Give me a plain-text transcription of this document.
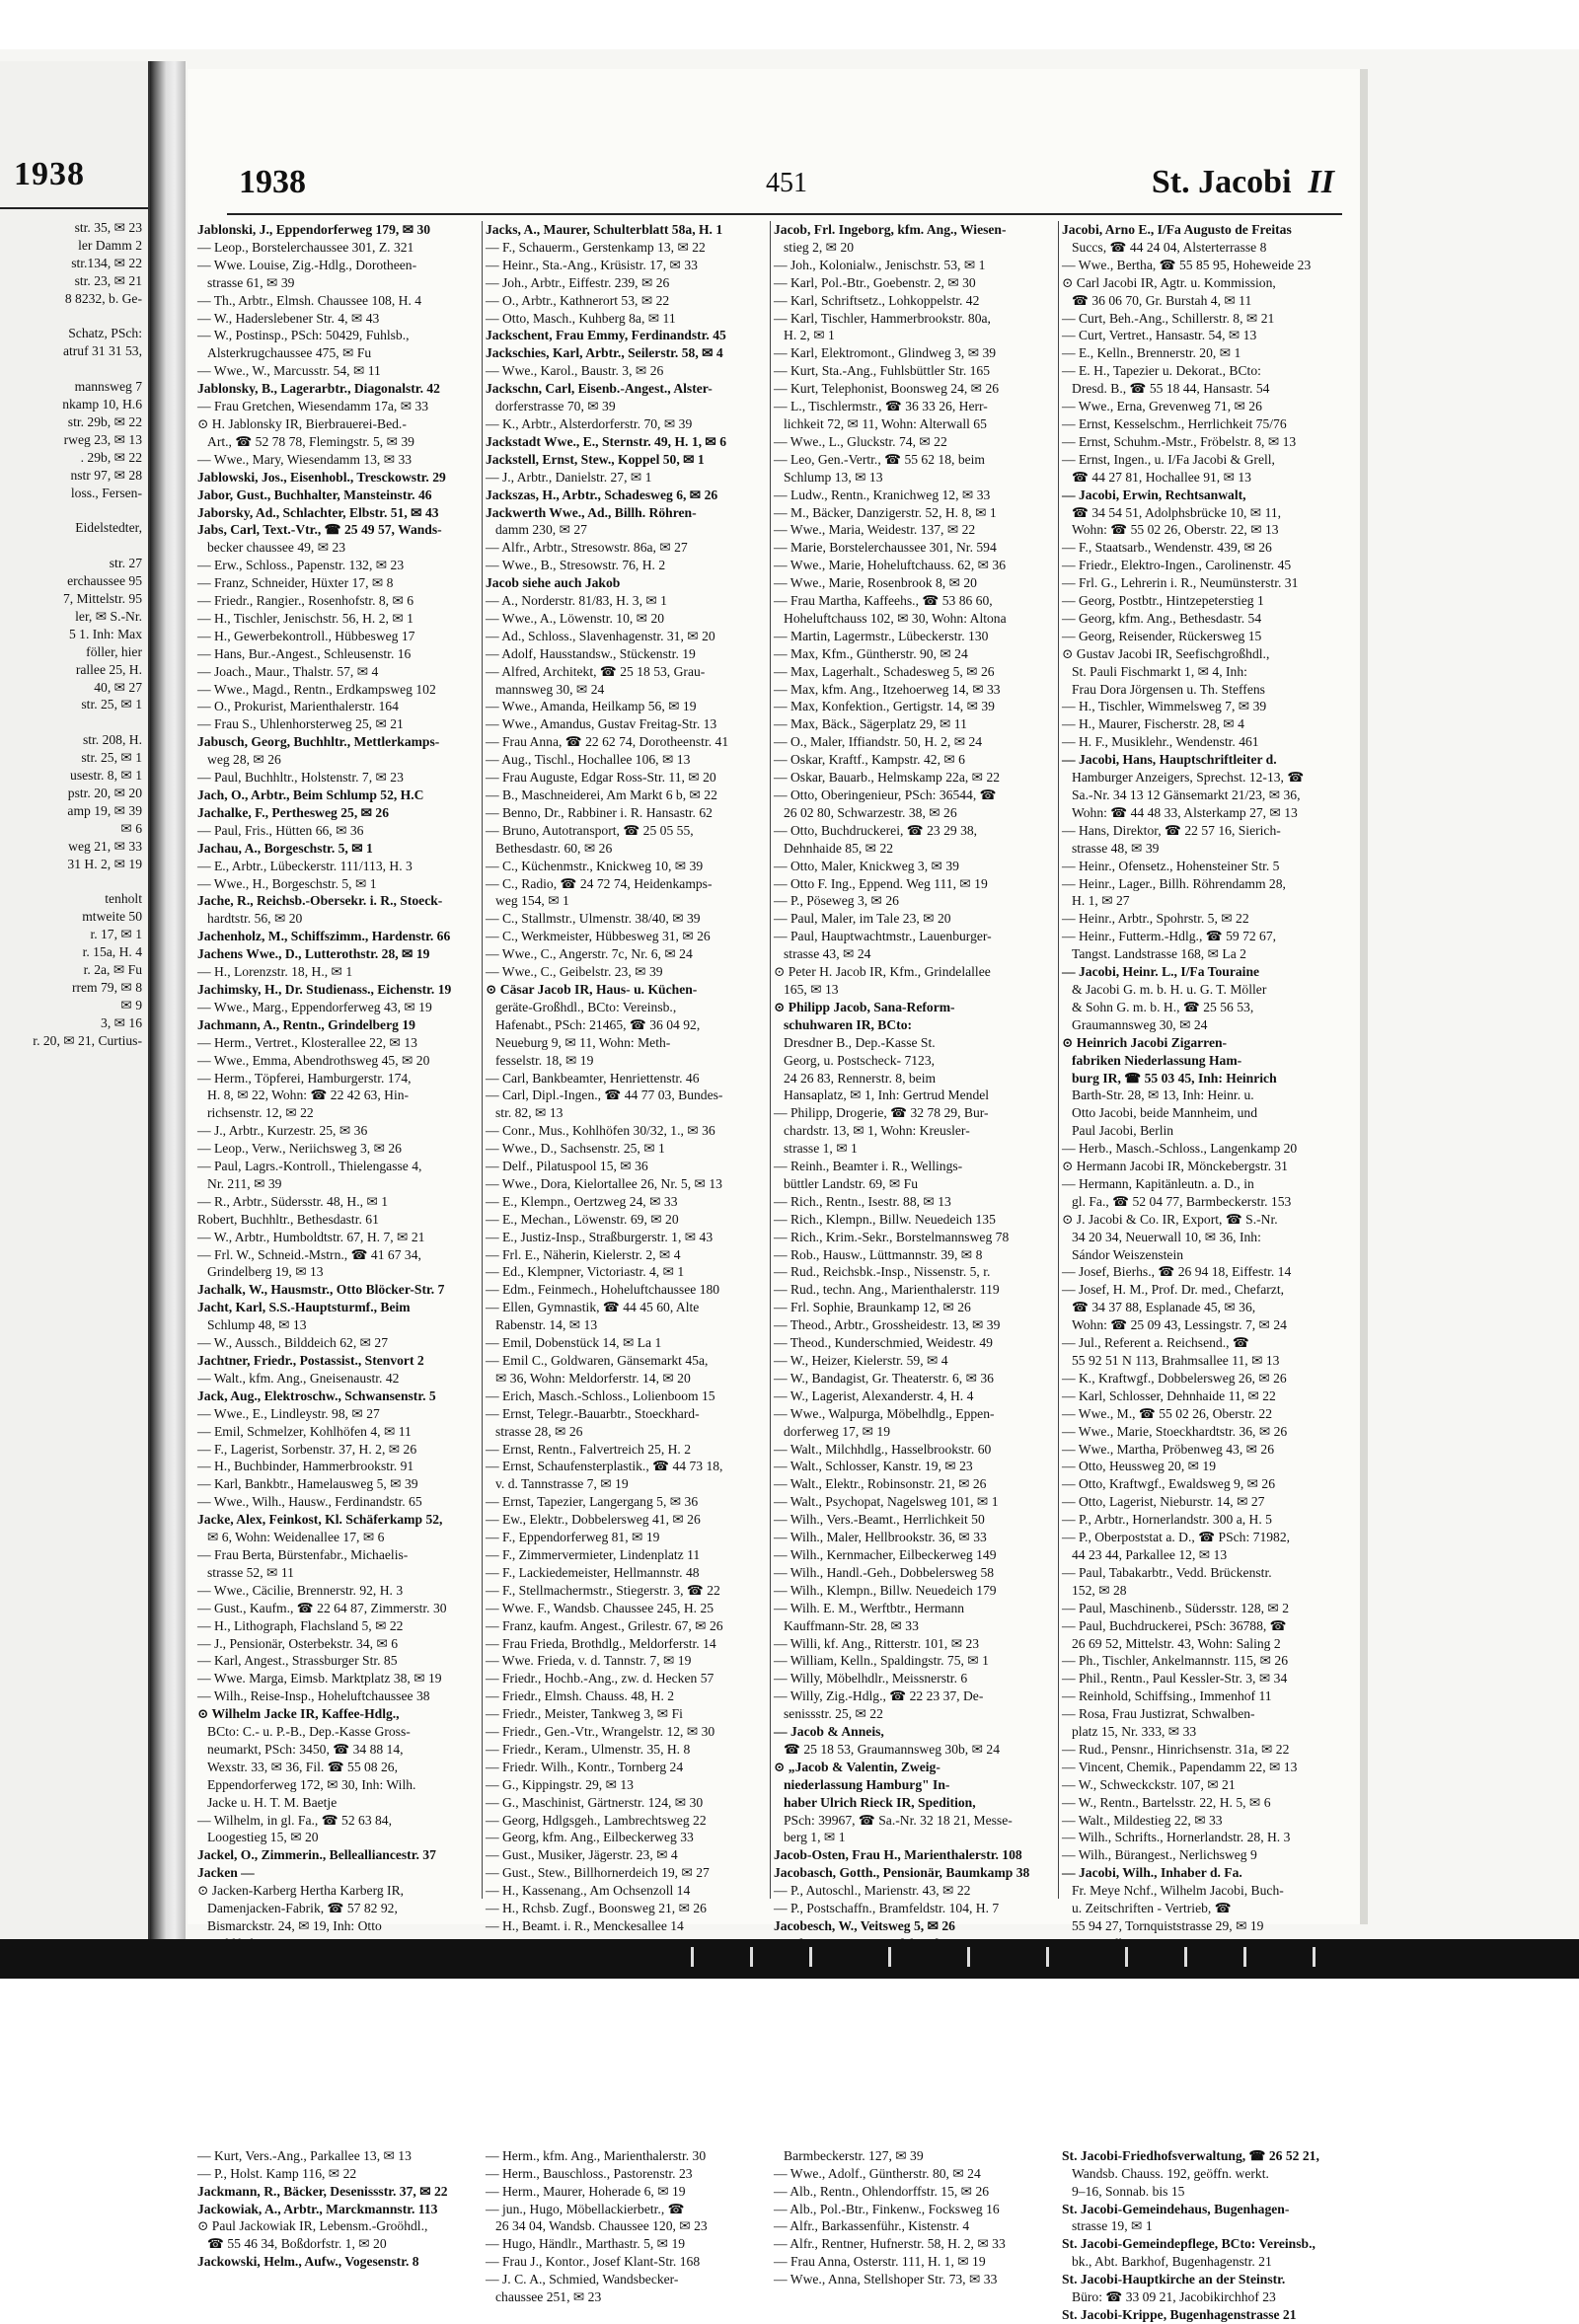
1938
str. 35, ✉ 23
ler Damm 2
str.134, ✉ 22
str. 23, ✉ 21
8 8232, b. Ge-

Schatz, PSch:
atruf 31 31 53,

mannsweg 7
nkamp 10, H.6
str. 29b, ✉ 22
rweg 23, ✉ 13
. 29b, ✉ 22
nstr 97, ✉ 28
loss., Fersen-

Eidelstedter,

str. 27
erchaussee 95
7, Mittelstr. 95
ler, ✉ S.-Nr.
5 1. Inh: Max
föller, hier
rallee 25, H.
40, ✉ 27
str. 25, ✉ 1

str. 208, H.
str. 25, ✉ 1
usestr. 8, ✉ 1
pstr. 20, ✉ 20
amp 19, ✉ 39
✉ 6
weg 21, ✉ 33
31 H. 2, ✉ 19

tenholt
mtweite 50
r. 17, ✉ 1
r. 15a, H. 4
r. 2a, ✉ Fu
rrem 79, ✉ 8
✉ 9
3, ✉ 16
r. 20, ✉ 21, Curtius-
1938	451	St. Jacobi II
Jablonski, J., Eppendorferweg 179, ✉ 30
— Leop., Borstelerchaussee 301, Z. 321
— Wwe. Louise, Zig.-Hdlg., Dorotheen-
strasse 61, ✉ 39
— Th., Arbtr., Elmsh. Chaussee 108, H. 4
— W., Haderslebener Str. 4, ✉ 43
— W., Postinsp., PSch: 50429, Fuhlsb.,
Alsterkrugchaussee 475, ✉ Fu
— Wwe., W., Marcusstr. 54, ✉ 11
Jablonsky, B., Lagerarbtr., Diagonalstr. 42
— Frau Gretchen, Wiesendamm 17a, ✉ 33
⊙ H. Jablonsky IR, Bierbrauerei-Bed.-
Art., ☎ 52 78 78, Flemingstr. 5, ✉ 39
— Wwe., Mary, Wiesendamm 13, ✉ 33
Jablowski, Jos., Eisenhobl., Tresckowstr. 29
Jabor, Gust., Buchhalter, Mansteinstr. 46
Jaborsky, Ad., Schlachter, Elbstr. 51, ✉ 43
Jabs, Carl, Text.-Vtr., ☎ 25 49 57, Wands-
becker chaussee 49, ✉ 23
— Erw., Schloss., Papenstr. 132, ✉ 23
— Franz, Schneider, Hüxter 17, ✉ 8
— Friedr., Rangier., Rosenhofstr. 8, ✉ 6
— H., Tischler, Jenischstr. 56, H. 2, ✉ 1
— H., Gewerbekontroll., Hübbesweg 17
— Hans, Bur.-Angest., Schleusenstr. 16
— Joach., Maur., Thalstr. 57, ✉ 4
— Wwe., Magd., Rentn., Erdkampsweg 102
— O., Prokurist, Marienthalerstr. 164
— Frau S., Uhlenhorsterweg 25, ✉ 21
Jabusch, Georg, Buchhltr., Mettlerkamps-
weg 28, ✉ 26
— Paul, Buchhltr., Holstenstr. 7, ✉ 23
Jach, O., Arbtr., Beim Schlump 52, H.C
Jachalke, F., Perthesweg 25, ✉ 26
— Paul, Fris., Hütten 66, ✉ 36
Jachau, A., Borgeschstr. 5, ✉ 1
— E., Arbtr., Lübeckerstr. 111/113, H. 3
— Wwe., H., Borgeschstr. 5, ✉ 1
Jache, R., Reichsb.-Obersekr. i. R., Stoeck-
hardtstr. 56, ✉ 20
Jachenholz, M., Schiffszimm., Hardenstr. 66
Jachens Wwe., D., Lutterothstr. 28, ✉ 19
— H., Lorenzstr. 18, H., ✉ 1
Jachimsky, H., Dr. Studienass., Eichenstr. 19
— Wwe., Marg., Eppendorferweg 43, ✉ 19
Jachmann, A., Rentn., Grindelberg 19
— Herm., Vertret., Klosterallee 22, ✉ 13
— Wwe., Emma, Abendrothsweg 45, ✉ 20
— Herm., Töpferei, Hamburgerstr. 174,
H. 8, ✉ 22, Wohn: ☎ 22 42 63, Hin-
richsenstr. 12, ✉ 22
— J., Arbtr., Kurzestr. 25, ✉ 36
— Leop., Verw., Neriichsweg 3, ✉ 26
— Paul, Lagrs.-Kontroll., Thielengasse 4,
Nr. 211, ✉ 39
— R., Arbtr., Südersstr. 48, H., ✉ 1
Robert, Buchhltr., Bethesdastr. 61
— W., Arbtr., Humboldtstr. 67, H. 7, ✉ 21
— Frl. W., Schneid.-Mstrn., ☎ 41 67 34,
Grindelberg 19, ✉ 13
Jachalk, W., Hausmstr., Otto Blöcker-Str. 7
Jacht, Karl, S.S.-Hauptsturmf., Beim
Schlump 48, ✉ 13
— W., Aussch., Bilddeich 62, ✉ 27
Jachtner, Friedr., Postassist., Stenvort 2
— Walt., kfm. Ang., Gneisenaustr. 42
Jack, Aug., Elektroschw., Schwansenstr. 5
— Wwe., E., Lindleystr. 98, ✉ 27
— Emil, Schmelzer, Kohlhöfen 4, ✉ 11
— F., Lagerist, Sorbenstr. 37, H. 2, ✉ 26
— H., Buchbinder, Hammerbrookstr. 91
— Karl, Bankbtr., Hamelausweg 5, ✉ 39
— Wwe., Wilh., Hausw., Ferdinandstr. 65
Jacke, Alex, Feinkost, Kl. Schäferkamp 52,
✉ 6, Wohn: Weidenallee 17, ✉ 6
— Frau Berta, Bürstenfabr., Michaelis-
strasse 52, ✉ 11
— Wwe., Cäcilie, Brennerstr. 92, H. 3
— Gust., Kaufm., ☎ 22 64 87, Zimmerstr. 30
— H., Lithograph, Flachsland 5, ✉ 22
— J., Pensionär, Osterbekstr. 34, ✉ 6
— Karl, Angest., Strassburger Str. 85
— Wwe. Marga, Eimsb. Marktplatz 38, ✉ 19
— Wilh., Reise-Insp., Hoheluftchaussee 38
⊙ Wilhelm Jacke IR, Kaffee-Hdlg.,
BCto: C.- u. P.-B., Dep.-Kasse Gross-
neumarkt, PSch: 3450, ☎ 34 88 14,
Wexstr. 33, ✉ 36, Fil. ☎ 55 08 26,
Eppendorferweg 172, ✉ 30, Inh: Wilh.
Jacke u. H. T. M. Baetje
— Wilhelm, in gl. Fa., ☎ 52 63 84,
Loogestieg 15, ✉ 20
Jackel, O., Zimmerin., Bellealliancestr. 37
Jacken —
⊙ Jacken-Karberg Hertha Karberg IR,
Damenjacken-Fabrik, ☎ 57 82 92,
Bismarckstr. 24, ✉ 19, Inh: Otto
— Kurt, Vers.-Ang., Parkallee 13, ✉ 13
— P., Holst. Kamp 116, ✉ 22
Jackmann, R., Bäcker, Desenissstr. 37, ✉ 22
Jackowiak, A., Arbtr., Marckmannstr. 113
⊙ Paul Jackowiak IR, Lebensm.-Groöhdl.,
☎ 55 46 34, Boßdorfstr. 1, ✉ 20
Jackowski, Helm., Aufw., Vogesenstr. 8
Jacks, A., Maurer, Schulterblatt 58a, H. 1
— F., Schauerm., Gerstenkamp 13, ✉ 22
— Heinr., Sta.-Ang., Krüsistr. 17, ✉ 33
— Joh., Arbtr., Eiffestr. 239, ✉ 26
— O., Arbtr., Kathnerort 53, ✉ 22
— Otto, Masch., Kuhberg 8a, ✉ 11
Jackschent, Frau Emmy, Ferdinandstr. 45
Jackschies, Karl, Arbtr., Seilerstr. 58, ✉ 4
— Wwe., Karol., Baustr. 3, ✉ 26
Jackschn, Carl, Eisenb.-Angest., Alster-
dorferstrasse 70, ✉ 39
— K., Arbtr., Alsterdorferstr. 70, ✉ 39
Jackstadt Wwe., E., Sternstr. 49, H. 1, ✉ 6
Jackstell, Ernst, Stew., Koppel 50, ✉ 1
— J., Arbtr., Danielstr. 27, ✉ 1
Jackszas, H., Arbtr., Schadesweg 6, ✉ 26
Jackwerth Wwe., Ad., Billh. Röhren-
damm 230, ✉ 27
— Alfr., Arbtr., Stresowstr. 86a, ✉ 27
— Wwe., B., Stresowstr. 76, H. 2
Jacob siehe auch Jakob
— A., Norderstr. 81/83, H. 3, ✉ 1
— Wwe., A., Löwenstr. 10, ✉ 20
— Ad., Schloss., Slavenhagenstr. 31, ✉ 20
— Adolf, Hausstandsw., Stückenstr. 19
— Alfred, Architekt, ☎ 25 18 53, Grau-
mannsweg 30, ✉ 24
— Wwe., Amanda, Heilkamp 56, ✉ 19
— Wwe., Amandus, Gustav Freitag-Str. 13
— Frau Anna, ☎ 22 62 74, Dorotheenstr. 41
— Aug., Tischl., Hochallee 106, ✉ 13
— Frau Auguste, Edgar Ross-Str. 11, ✉ 20
— B., Maschneiderei, Am Markt 6 b, ✉ 22
— Benno, Dr., Rabbiner i. R. Hansastr. 62
— Bruno, Autotransport, ☎ 25 05 55,
Bethesdastr. 60, ✉ 26
— C., Küchenmstr., Knickweg 10, ✉ 39
— C., Radio, ☎ 24 72 74, Heidenkamps-
weg 154, ✉ 1
— C., Stallmstr., Ulmenstr. 38/40, ✉ 39
— C., Werkmeister, Hübbesweg 31, ✉ 26
— Wwe., C., Angerstr. 7c, Nr. 6, ✉ 24
— Wwe., C., Geibelstr. 23, ✉ 39
⊙ Cäsar Jacob IR, Haus- u. Küchen-
geräte-Großhdl., BCto: Vereinsb.,
Hafenabt., PSch: 21465, ☎ 36 04 92,
Neueburg 9, ✉ 11, Wohn: Meth-
fesselstr. 18, ✉ 19
— Carl, Bankbeamter, Henriettenstr. 46
— Carl, Dipl.-Ingen., ☎ 44 77 03, Bundes-
str. 82, ✉ 13
— Conr., Mus., Kohlhöfen 30/32, 1., ✉ 36
— Wwe., D., Sachsenstr. 25, ✉ 1
— Delf., Pilatuspool 15, ✉ 36
— Wwe., Dora, Kielortallee 26, Nr. 5, ✉ 13
— E., Klempn., Oertzweg 24, ✉ 33
— E., Mechan., Löwenstr. 69, ✉ 20
— E., Justiz-Insp., Straßburgerstr. 1, ✉ 43
— Frl. E., Näherin, Kielerstr. 2, ✉ 4
— Ed., Klempner, Victoriastr. 4, ✉ 1
— Edm., Feinmech., Hoheluftchaussee 180
— Ellen, Gymnastik, ☎ 44 45 60, Alte
Rabenstr. 14, ✉ 13
— Emil, Dobenstück 14, ✉ La 1
— Emil C., Goldwaren, Gänsemarkt 45a,
✉ 36, Wohn: Meldorferstr. 14, ✉ 20
— Erich, Masch.-Schloss., Lolienboom 15
— Ernst, Telegr.-Bauarbtr., Stoeckhard-
strasse 28, ✉ 26
— Ernst, Rentn., Falvertreich 25, H. 2
— Ernst, Schaufensterplastik., ☎ 44 73 18,
v. d. Tannstrasse 7, ✉ 19
— Ernst, Tapezier, Langergang 5, ✉ 36
— Ew., Elektr., Dobbelersweg 41, ✉ 26
— F., Eppendorferweg 81, ✉ 19
— F., Zimmervermieter, Lindenplatz 11
— F., Lackiedemeister, Hellmannstr. 48
— F., Stellmachermstr., Stiegerstr. 3, ☎ 22
— Wwe. F., Wandsb. Chaussee 245, H. 25
— Franz, kaufm. Angest., Grilestr. 67, ✉ 26
— Frau Frieda, Brothdlg., Meldorferstr. 14
— Wwe. Frieda, v. d. Tannstr. 7, ✉ 19
— Friedr., Hochb.-Ang., zw. d. Hecken 57
— Friedr., Elmsh. Chauss. 48, H. 2
— Friedr., Meister, Tankweg 3, ✉ Fi
— Friedr., Gen.-Vtr., Wrangelstr. 12, ✉ 30
— Friedr., Keram., Ulmenstr. 35, H. 8
— Friedr. Wilh., Kontr., Tornberg 24
— G., Kippingstr. 29, ✉ 13
— G., Maschinist, Gärtnerstr. 124, ✉ 30
— Georg, Hdlgsgeh., Lambrechtsweg 22
— Georg, kfm. Ang., Eilbeckerweg 33
— Gust., Musiker, Jägerstr. 23, ✉ 4
— Gust., Stew., Billhornerdeich 19, ✉ 27
— H., Kassenang., Am Ochsenzoll 14
— H., Rchsb. Zugf., Boonsweg 21, ✉ 26
— H., Beamt. i. R., Menckesallee 14
— Herm., kfm. Ang., Marienthalerstr. 30
— Herm., Bauschloss., Pastorenstr. 23
— Herm., Maurer, Hoherade 6, ✉ 19
— jun., Hugo, Möbellackierbetr., ☎
26 34 04, Wandsb. Chaussee 120, ✉ 23
— Hugo, Händlr., Marthastr. 5, ✉ 19
— Frau J., Kontor., Josef Klant-Str. 168
— J. C. A., Schmied, Wandsbecker-
chaussee 251, ✉ 23
Jacob, Frl. Ingeborg, kfm. Ang., Wiesen-
stieg 2, ✉ 20
— Joh., Kolonialw., Jenischstr. 53, ✉ 1
— Karl, Pol.-Btr., Goebenstr. 2, ✉ 30
— Karl, Schriftsetz., Lohkoppelstr. 42
— Karl, Tischler, Hammerbrookstr. 80a,
H. 2, ✉ 1
— Karl, Elektromont., Glindweg 3, ✉ 39
— Kurt, Sta.-Ang., Fuhlsbüttler Str. 165
— Kurt, Telephonist, Boonsweg 24, ✉ 26
— L., Tischlermstr., ☎ 36 33 26, Herr-
lichkeit 72, ✉ 11, Wohn: Alterwall 65
— Wwe., L., Gluckstr. 74, ✉ 22
— Leo, Gen.-Vertr., ☎ 55 62 18, beim
Schlump 13, ✉ 13
— Ludw., Rentn., Kranichweg 12, ✉ 33
— M., Bäcker, Danzigerstr. 52, H. 8, ✉ 1
— Wwe., Maria, Weidestr. 137, ✉ 22
— Marie, Borstelerchaussee 301, Nr. 594
— Wwe., Marie, Hoheluftchauss. 62, ✉ 36
— Wwe., Marie, Rosenbrook 8, ✉ 20
— Frau Martha, Kaffeehs., ☎ 53 86 60,
Hoheluftchauss 102, ✉ 30, Wohn: Altona
— Martin, Lagermstr., Lübeckerstr. 130
— Max, Kfm., Güntherstr. 90, ✉ 24
— Max, Lagerhalt., Schadesweg 5, ✉ 26
— Max, kfm. Ang., Itzehoerweg 14, ✉ 33
— Max, Konfektion., Gertigstr. 14, ✉ 39
— Max, Bäck., Sägerplatz 29, ✉ 11
— O., Maler, Iffiandstr. 50, H. 2, ✉ 24
— Oskar, Kraftf., Kampstr. 42, ✉ 6
— Oskar, Bauarb., Helmskamp 22a, ✉ 22
— Otto, Oberingenieur, PSch: 36544, ☎
26 02 80, Schwarzestr. 38, ✉ 26
— Otto, Buchdruckerei, ☎ 23 29 38,
Dehnhaide 85, ✉ 22
— Otto, Maler, Knickweg 3, ✉ 39
— Otto F. Ing., Eppend. Weg 111, ✉ 19
— P., Pöseweg 3, ✉ 26
— Paul, Maler, im Tale 23, ✉ 20
— Paul, Hauptwachtmstr., Lauenburger-
strasse 43, ✉ 24
⊙ Peter H. Jacob IR, Kfm., Grindelallee
165, ✉ 13
⊙ Philipp Jacob, Sana-Reform-
schuhwaren IR, BCto:
Dresdner B., Dep.-Kasse St.
Georg, u. Postscheck- 7123,
24 26 83, Rennerstr. 8, beim
Hansaplatz, ✉ 1, Inh: Gertrud Mendel
— Philipp, Drogerie, ☎ 32 78 29, Bur-
chardstr. 13, ✉ 1, Wohn: Kreusler-
strasse 1, ✉ 1
— Reinh., Beamter i. R., Wellings-
büttler Landstr. 69, ✉ Fu
— Rich., Rentn., Isestr. 88, ✉ 13
— Rich., Klempn., Billw. Neuedeich 135
— Rich., Krim.-Sekr., Borstelmannsweg 78
— Rob., Hausw., Lüttmannstr. 39, ✉ 8
— Rud., Reichsbk.-Insp., Nissenstr. 5, r.
— Rud., techn. Ang., Marienthalerstr. 119
— Frl. Sophie, Braunkamp 12, ✉ 26
— Theod., Arbtr., Grossheidestr. 13, ✉ 39
— Theod., Kunderschmied, Weidestr. 49
— W., Heizer, Kielerstr. 59, ✉ 4
— W., Bandagist, Gr. Theaterstr. 6, ✉ 36
— W., Lagerist, Alexanderstr. 4, H. 4
— Wwe., Walpurga, Möbelhdlg., Eppen-
dorferweg 17, ✉ 19
— Walt., Milchhdlg., Hasselbrookstr. 60
— Walt., Schlosser, Kanstr. 19, ✉ 23
— Walt., Elektr., Robinsonstr. 21, ✉ 26
— Walt., Psychopat, Nagelsweg 101, ✉ 1
— Wilh., Vers.-Beamt., Herrlichkeit 50
— Wilh., Maler, Hellbrookstr. 36, ✉ 33
— Wilh., Kernmacher, Eilbeckerweg 149
— Wilh., Handl.-Geh., Dobbelersweg 58
— Wilh., Klempn., Billw. Neuedeich 179
— Wilh. E. M., Werftbtr., Hermann
Kauffmann-Str. 28, ✉ 33
— Willi, kf. Ang., Ritterstr. 101, ✉ 23
— William, Kelln., Spaldingstr. 75, ✉ 1
— Willy, Möbelhdlr., Meissnerstr. 6
— Willy, Zig.-Hdlg., ☎ 22 23 37, De-
senissstr. 25, ✉ 22
— Jacob & Anneis,
☎ 25 18 53, Graumannsweg 30b, ✉ 24
⊙ „Jacob & Valentin, Zweig-
niederlassung Hamburg" In-
haber Ulrich Rieck IR, Spedition,
PSch: 39967, ☎ Sa.-Nr. 32 18 21, Messe-
berg 1, ✉ 1
Jacob-Osten, Frau H., Marienthalerstr. 108
Jacobasch, Gotth., Pensionär, Baumkamp 38
— P., Autoschl., Marienstr. 43, ✉ 22
— P., Postschaffn., Bramfeldstr. 104, H. 7
Jacobesch, W., Veitsweg 5, ✉ 26
Barmbeckerstr. 127, ✉ 39
— Wwe., Adolf., Güntherstr. 80, ✉ 24
— Alb., Rentn., Ohlendorffstr. 15, ✉ 26
— Alb., Pol.-Btr., Finkenw., Focksweg 16
— Alfr., Barkassenführ., Kistenstr. 4
— Alfr., Rentner, Hufnerstr. 58, H. 2, ✉ 33
— Frau Anna, Osterstr. 111, H. 1, ✉ 19
— Wwe., Anna, Stellshoper Str. 73, ✉ 33
Jacobi, Arno E., I/Fa Augusto de Freitas
Succs, ☎ 44 24 04, Alsterterrasse 8
— Wwe., Bertha, ☎ 55 85 95, Hoheweide 23
⊙ Carl Jacobi IR, Agtr. u. Kommission,
☎ 36 06 70, Gr. Burstah 4, ✉ 11
— Curt, Beh.-Ang., Schillerstr. 8, ✉ 21
— Curt, Vertret., Hansastr. 54, ✉ 13
— E., Kelln., Brennerstr. 20, ✉ 1
— E. H., Tapezier u. Dekorat., BCto:
Dresd. B., ☎ 55 18 44, Hansastr. 54
— Wwe., Erna, Grevenweg 71, ✉ 26
— Ernst, Kesselschm., Herrlichkeit 75/76
— Ernst, Schuhm.-Mstr., Fröbelstr. 8, ✉ 13
— Ernst, Ingen., u. I/Fa Jacobi & Grell,
☎ 44 27 81, Hochallee 91, ✉ 13
— Jacobi, Erwin, Rechtsanwalt,
☎ 34 54 51, Adolphsbrücke 10, ✉ 11,
Wohn: ☎ 55 02 26, Oberstr. 22, ✉ 13
— F., Staatsarb., Wendenstr. 439, ✉ 26
— Friedr., Elektro-Ingen., Carolinenstr. 45
— Frl. G., Lehrerin i. R., Neumünsterstr. 31
— Georg, Postbtr., Hintzepeterstieg 1
— Georg, kfm. Ang., Bethesdastr. 54
— Georg, Reisender, Rückersweg 15
⊙ Gustav Jacobi IR, Seefischgroßhdl.,
St. Pauli Fischmarkt 1, ✉ 4, Inh:
Frau Dora Jörgensen u. Th. Steffens
— H., Tischler, Wimmelsweg 7, ✉ 39
— H., Maurer, Fischerstr. 28, ✉ 4
— H. F., Musiklehr., Wendenstr. 461
— Jacobi, Hans, Hauptschriftleiter d.
Hamburger Anzeigers, Sprechst. 12-13, ☎
Sa.-Nr. 34 13 12 Gänsemarkt 21/23, ✉ 36,
Wohn: ☎ 44 48 33, Alsterkamp 27, ✉ 13
— Hans, Direktor, ☎ 22 57 16, Sierich-
strasse 48, ✉ 39
— Heinr., Ofensetz., Hohensteiner Str. 5
— Heinr., Lager., Billh. Röhrendamm 28,
H. 1, ✉ 27
— Heinr., Arbtr., Spohrstr. 5, ✉ 22
— Heinr., Futterm.-Hdlg., ☎ 59 72 67,
Tangst. Landstrasse 168, ✉ La 2
— Jacobi, Heinr. L., I/Fa Touraine
& Jacobi G. m. b. H. u. G. T. Möller
& Sohn G. m. b. H., ☎ 25 56 53,
Graumannsweg 30, ✉ 24
⊙ Heinrich Jacobi Zigarren-
fabriken Niederlassung Ham-
burg IR, ☎ 55 03 45, Inh: Heinrich
Barth-Str. 28, ✉ 13, Inh: Heinr. u.
Otto Jacobi, beide Mannheim, und
Paul Jacobi, Berlin
— Herb., Masch.-Schloss., Langenkamp 20
⊙ Hermann Jacobi IR, Mönckebergstr. 31
— Hermann, Kapitänleutn. a. D., in
gl. Fa., ☎ 52 04 77, Barmbeckerstr. 153
⊙ J. Jacobi & Co. IR, Export, ☎ S.-Nr.
34 20 34, Neuerwall 10, ✉ 36, Inh:
Sándor Weiszenstein
— Josef, Bierhs., ☎ 26 94 18, Eiffestr. 14
— Josef, H. M., Prof. Dr. med., Chefarzt,
☎ 34 37 88, Esplanade 45, ✉ 36,
Wohn: ☎ 25 09 43, Lessingstr. 7, ✉ 24
— Jul., Referent a. Reichsend., ☎
55 92 51 N 113, Brahmsallee 11, ✉ 13
— K., Kraftwgf., Dobbelersweg 26, ✉ 26
— Karl, Schlosser, Dehnhaide 11, ✉ 22
— Wwe., M., ☎ 55 02 26, Oberstr. 22
— Wwe., Marie, Stoeckhardtstr. 36, ✉ 26
— Wwe., Martha, Pröbenweg 43, ✉ 26
— Otto, Heussweg 20, ✉ 19
— Otto, Kraftwgf., Ewaldsweg 9, ✉ 26
— Otto, Lagerist, Nieburstr. 14, ✉ 27
— P., Arbtr., Hornerlandstr. 300 a, H. 5
— P., Oberpoststat a. D., ☎ PSch: 71982,
44 23 44, Parkallee 12, ✉ 13
— Paul, Tabakarbtr., Vedd. Brückenstr.
152, ✉ 28
— Paul, Maschinenb., Südersstr. 128, ✉ 2
— Paul, Buchdruckerei, PSch: 36788, ☎
26 69 52, Mittelstr. 43, Wohn: Saling 2
— Ph., Tischler, Ankelmannstr. 115, ✉ 26
— Phil., Rentn., Paul Kessler-Str. 3, ✉ 34
— Reinhold, Schiffsing., Immenhof 11
— Rosa, Frau Justizrat, Schwalben-
platz 15, Nr. 333, ✉ 33
— Rud., Pensnr., Hinrichsenstr. 31a, ✉ 22
— Vincent, Chemik., Papendamm 22, ✉ 13
— W., Schweckckstr. 107, ✉ 21
— W., Rentn., Bartelsstr. 22, H. 5, ✉ 6
— Walt., Mildestieg 22, ✉ 33
— Wilh., Schrifts., Hornerlandstr. 28, H. 3
— Wilh., Bürangest., Nerlichsweg 9
— Jacobi, Wilh., Inhaber d. Fa.
Fr. Meye Nchf., Wilhelm Jacobi, Buch-
u. Zeitschriften - Vertrieb, ☎
55 94 27, Tornquiststrasse 29, ✉ 19
St. Jacobi-Friedhofsverwaltung, ☎ 26 52 21,
Wandsb. Chauss. 192, geöffn. werkt.
9–16, Sonnab. bis 15
St. Jacobi-Gemeindehaus, Bugenhagen-
strasse 19, ✉ 1
St. Jacobi-Gemeindepflege, BCto: Vereinsb.,
bk., Abt. Barkhof, Bugenhagenstr. 21
St. Jacobi-Hauptkirche an der Steinstr.
Büro: ☎ 33 09 21, Jacobikirchhof 23
St. Jacobi-Krippe, Bugenhagenstrasse 21
